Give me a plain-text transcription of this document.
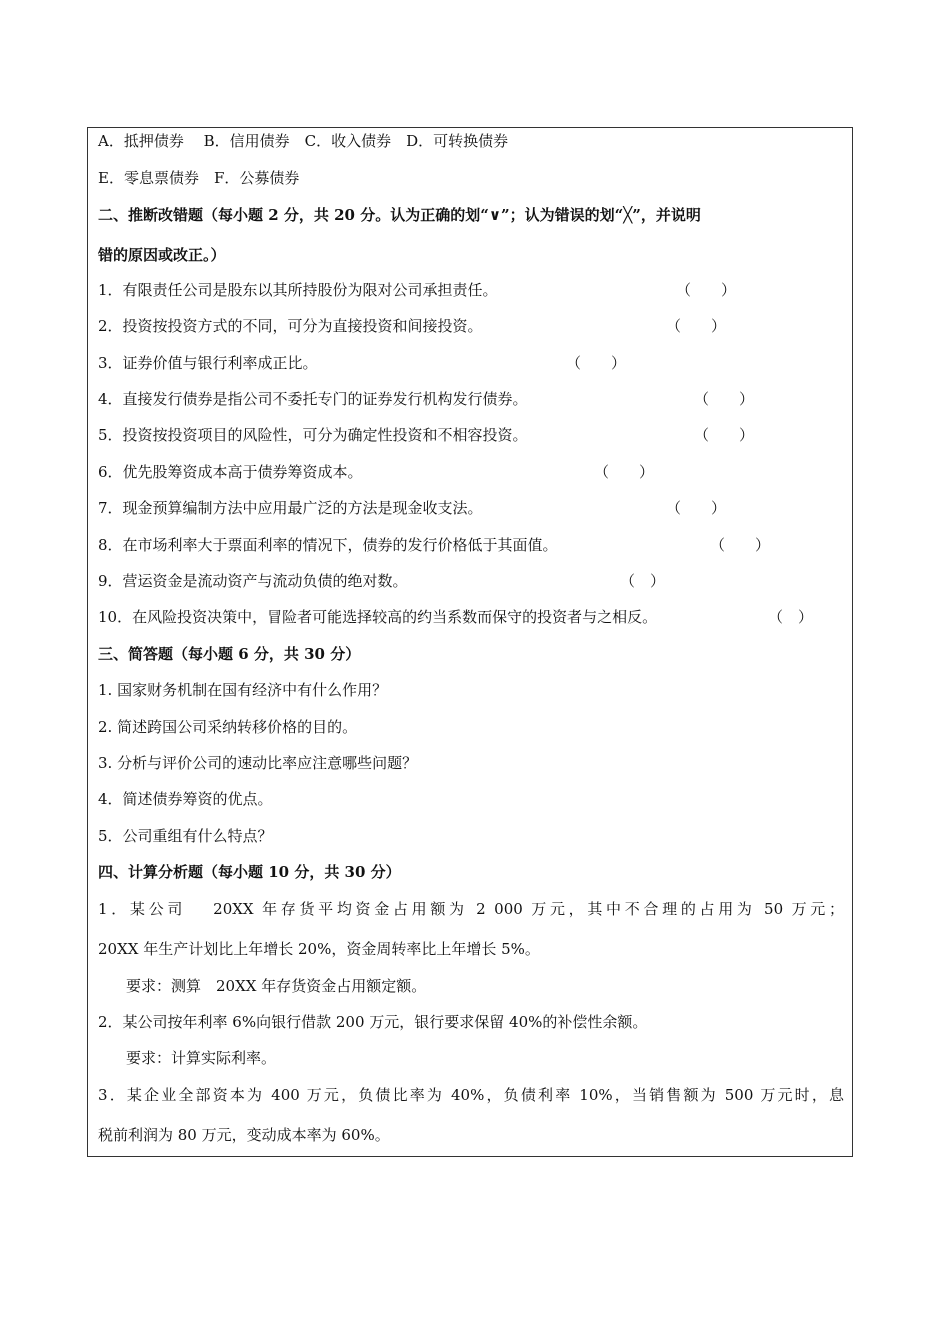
A．抵押债券　 B．信用债券　C．收入债券　D．可转换债券
E．零息票债券　F．公募债券
二、推断改错题（每小题 2 分，共 20 分。认为正确的划“∨”；认为错误的划“╳”，并说明
错的原因或改正。）
1．有限责任公司是股东以其所持股份为限对公司承担责任。	（　　）
2．投资按投资方式的不同，可分为直接投资和间接投资。	（　　）
3．证券价值与银行利率成正比。	（　　）
4．直接发行债券是指公司不委托专门的证券发行机构发行债券。	（　　）
5．投资按投资项目的风险性，可分为确定性投资和不相容投资。	（　　）
6．优先股筹资成本高于债券筹资成本。	（　　）
7．现金预算编制方法中应用最广泛的方法是现金收支法。	（　　）
8．在市场利率大于票面利率的情况下，债券的发行价格低于其面值。	（　　）
9．营运资金是流动资产与流动负债的绝对数。	（　）
10．在风险投资决策中，冒险者可能选择较高的约当系数而保守的投资者与之相反。	（　）
三、简答题（每小题 6 分，共 30 分）
1. 国家财务机制在国有经济中有什么作用？
2. 简述跨国公司采纳转移价格的目的。
3. 分析与评价公司的速动比率应注意哪些问题？
4．简述债券筹资的优点。
5．公司重组有什么特点？
四、计算分析题（每小题 10 分，共 30 分）
1．某公司　 20XX 年存货平均资金占用额为 2 000 万元，其中不合理的占用为 50 万元；
20XX 年生产计划比上年增长 20%，资金周转率比上年增长 5%。
要求：测算　20XX 年存货资金占用额定额。
2．某公司按年利率 6%向银行借款 200 万元，银行要求保留 40%的补偿性余额。
要求：计算实际利率。
3．某企业全部资本为 400 万元，负债比率为 40%，负债利率 10%，当销售额为 500 万元时，息
税前利润为 80 万元，变动成本率为 60%。
